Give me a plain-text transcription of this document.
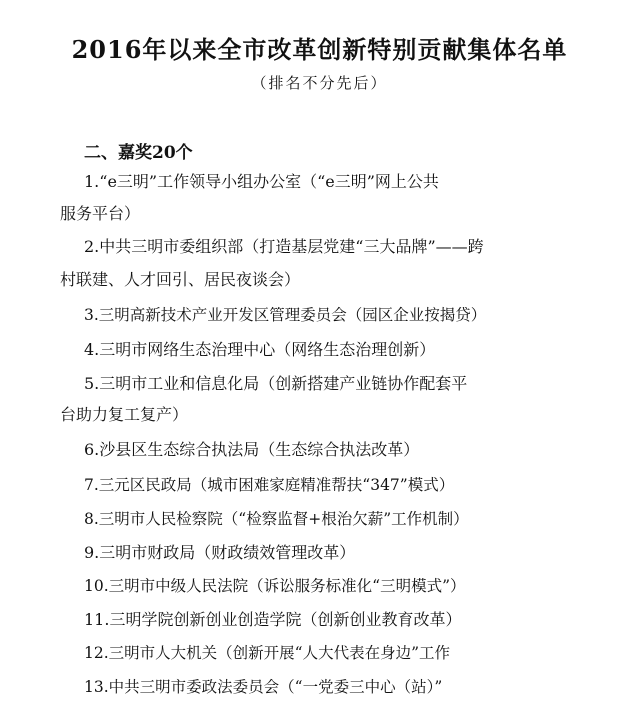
2016年以来全市改革创新特别贡献集体名单
（排名不分先后）
二、嘉奖20个
1.“e三明”工作领导小组办公室（“e三明”网上公共
服务平台）
2.中共三明市委组织部（打造基层党建“三大品牌”——跨
村联建、人才回引、居民夜谈会）
3.三明高新技术产业开发区管理委员会（园区企业按揭贷）
4.三明市网络生态治理中心（网络生态治理创新）
5.三明市工业和信息化局（创新搭建产业链协作配套平
台助力复工复产）
6.沙县区生态综合执法局（生态综合执法改革）
7.三元区民政局（城市困难家庭精准帮扶“347”模式）
8.三明市人民检察院（“检察监督+根治欠薪”工作机制）
9.三明市财政局（财政绩效管理改革）
10.三明市中级人民法院（诉讼服务标准化“三明模式”）
11.三明学院创新创业创造学院（创新创业教育改革）
12.三明市人大机关（创新开展“人大代表在身边”工作
13.中共三明市委政法委员会（“一党委三中心（站）”
